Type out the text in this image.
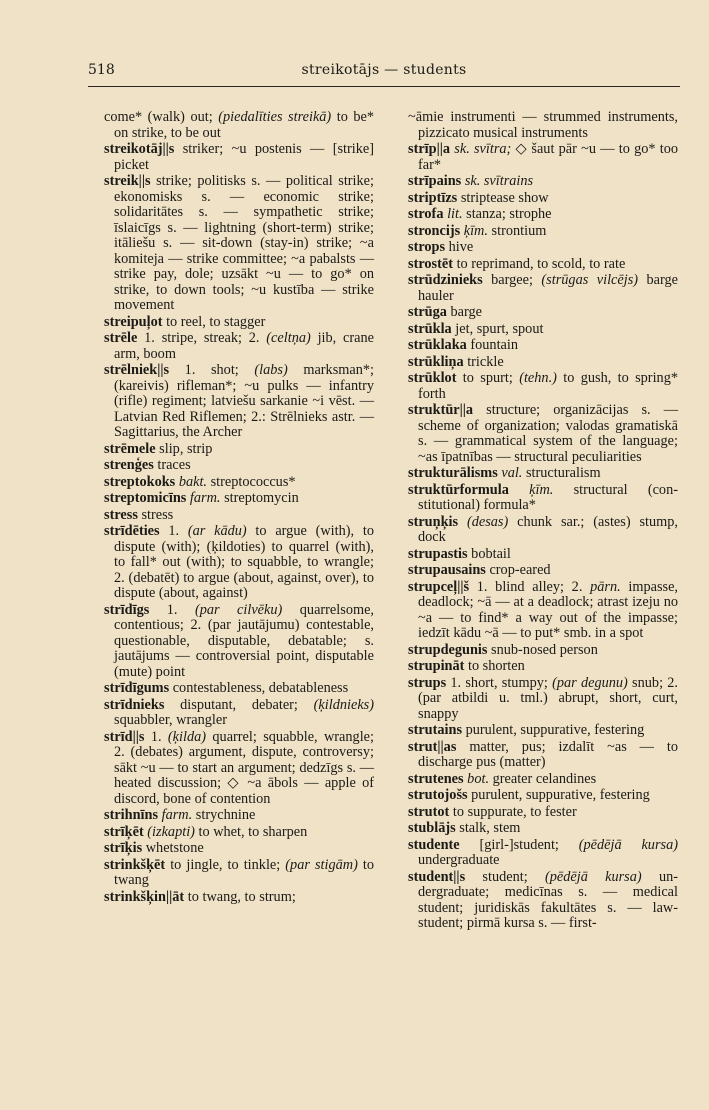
518	streikotājs — students
come* (walk) out; (piedalīties streikā) to be* on strike, to be out
streikotāj||s striker; ~u postenis — [strike] picket
streik||s strike; politisks s. — political strike; ekonomisks s. — economic strike; solidaritātes s. — sympathetic strike; īslaicīgs s. — lightning (short-term) strike; itāliešu s. — sit-down (stay-in) strike; ~a komiteja — strike committee; ~a pabalsts — strike pay, dole; uzsākt ~u — to go* on strike, to down tools; ~u kustība — strike movement
streipuļot to reel, to stagger
strēle 1. stripe, streak; 2. (celtņa) jib, crane arm, boom
strēlniek||s 1. shot; (labs) marksman*; (kareivis) rifleman*; ~u pulks — infantry (rifle) regiment; latviešu sarkanie ~i vēst. — Latvian Red Riflemen; 2.: Strēlnieks astr. — Sagittarius, the Archer
strēmele slip, strip
strenģes traces
streptokoks bakt. streptococcus*
streptomicīns farm. streptomycin
stress stress
strīdēties 1. (ar kādu) to argue (with), to dispute (with); (ķildoties) to quarrel (with), to fall* out (with); to squabble, to wrangle; 2. (debatēt) to argue (about, against, over), to dispute (about, against)
strīdīgs 1. (par cilvēku) quarrelsome, contentious; 2. (par jautājumu) contestable, questionable, disputable, debatable; s. jautājums — controversial point, disputable (mute) point
strīdīgums contestableness, debatableness
strīdnieks disputant, debater; (ķildnieks) squabbler, wrangler
strīd||s 1. (ķilda) quarrel; squabble, wrangle; 2. (debates) argument, dispute, controversy; sākt ~u — to start an argument; dedzīgs s. — heated discussion; ◇ ~a ābols — apple of discord, bone of contention
strihnīns farm. strychnine
strīķēt (izkapti) to whet, to sharpen
strīķis whetstone
strinkšķēt to jingle, to tinkle; (par stigām) to twang
strinkšķin||āt to twang, to strum;
~āmie instrumenti — strummed instruments, pizzicato musical instruments
strīp||a sk. svītra; ◇ šaut pār ~u — to go* too far*
strīpains sk. svītrains
striptīzs striptease show
strofa lit. stanza; strophe
stroncijs ķīm. strontium
strops hive
strostēt to reprimand, to scold, to rate
strūdzinieks bargee; (strūgas vilcējs) barge hauler
strūga barge
strūkla jet, spurt, spout
strūklaka fountain
strūkliņa trickle
strūklot to spurt; (tehn.) to gush, to spring* forth
struktūr||a structure; organizācijas s. — scheme of organization; valodas gramatiskā s. — grammatical system of the language; ~as īpatnības — structural peculiarities
strukturālisms val. structuralism
struktūrformula ķīm. structural (constitutional) formula*
struņķis (desas) chunk sar.; (astes) stump, dock
strupastis bobtail
strupausains crop-eared
strupceļ||š 1. blind alley; 2. pārn. impasse, deadlock; ~ā — at a deadlock; atrast izeju no ~a — to find* a way out of the impasse; iedzīt kādu ~ā — to put* smb. in a spot
strupdegunis snub-nosed person
strupināt to shorten
strups 1. short, stumpy; (par degunu) snub; 2. (par atbildi u. tml.) abrupt, short, curt, snappy
strutains purulent, suppurative, festering
strut||as matter, pus; izdalīt ~as — to discharge pus (matter)
strutenes bot. greater celandines
strutojošs purulent, suppurative, festering
strutot to suppurate, to fester
stublājs stalk, stem
studente [girl-]student; (pēdējā kursa) undergraduate
student||s student; (pēdējā kursa) undergraduate; medicīnas s. — medical student; juridiskās fakultātes s. — law-student; pirmā kursa s. — first-
